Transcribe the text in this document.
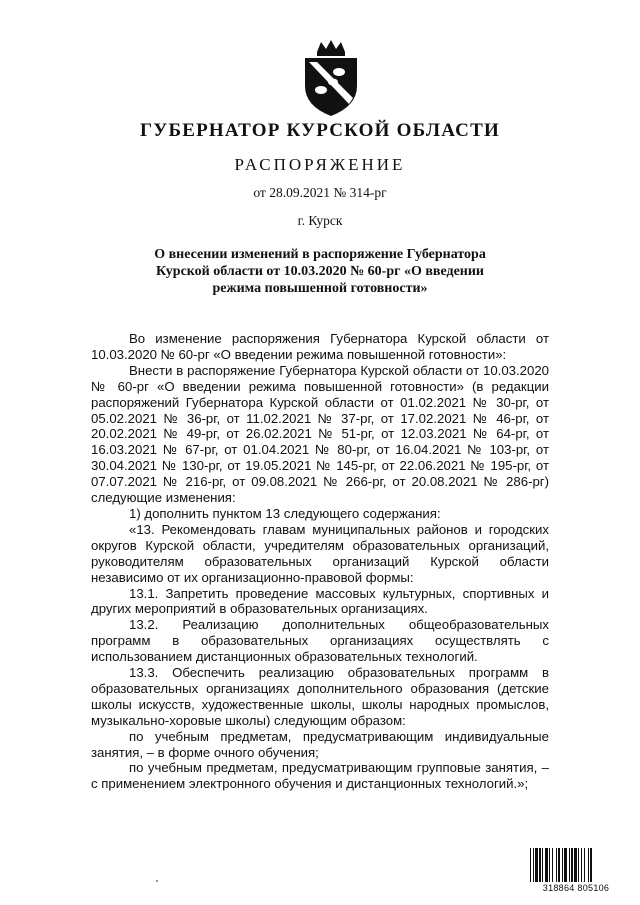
ГУБЕРНАТОР КУРСКОЙ ОБЛАСТИ
РАСПОРЯЖЕНИЕ
от 28.09.2021 № 314-рг
г. Курск
О внесении изменений в распоряжение Губернатора
Курской области от 10.03.2020 № 60-рг «О введении
режима повышенной готовности»

Во изменение распоряжения Губернатора Курской области от 10.03.2020 № 60-рг «О введении режима повышенной готовности»:

Внести в распоряжение Губернатора Курской области от 10.03.2020 № 60-рг «О введении режима повышенной готовности» (в редакции распоряжений Губернатора Курской области от 01.02.2021 № 30-рг, от 05.02.2021 № 36-рг, от 11.02.2021 № 37-рг, от 17.02.2021 № 46-рг, от 20.02.2021 № 49-рг, от 26.02.2021 № 51-рг, от 12.03.2021 № 64-рг, от 16.03.2021 № 67-рг, от 01.04.2021 № 80-рг, от 16.04.2021 № 103-рг, от 30.04.2021 № 130-рг, от 19.05.2021 № 145-рг, от 22.06.2021 № 195-рг, от 07.07.2021 № 216-рг, от 09.08.2021 № 266-рг, от 20.08.2021 № 286-рг) следующие изменения:

1) дополнить пунктом 13 следующего содержания:

«13. Рекомендовать главам муниципальных районов и городских округов Курской области, учредителям образовательных организаций, руководителям образовательных организаций Курской области независимо от их организационно-правовой формы:

13.1. Запретить проведение массовых культурных, спортивных и других мероприятий в образовательных организациях.

13.2. Реализацию дополнительных общеобразовательных программ в образовательных организациях осуществлять с использованием дистанционных образовательных технологий.

13.3. Обеспечить реализацию образовательных программ в образовательных организациях дополнительного образования (детские школы искусств, художественные школы, школы народных промыслов, музыкально-хоровые школы) следующим образом:

по учебным предметам, предусматривающим индивидуальные занятия, – в форме очного обучения;

по учебным предметам, предусматривающим групповые занятия, – с применением электронного обучения и дистанционных технологий.»;

318864 805106
